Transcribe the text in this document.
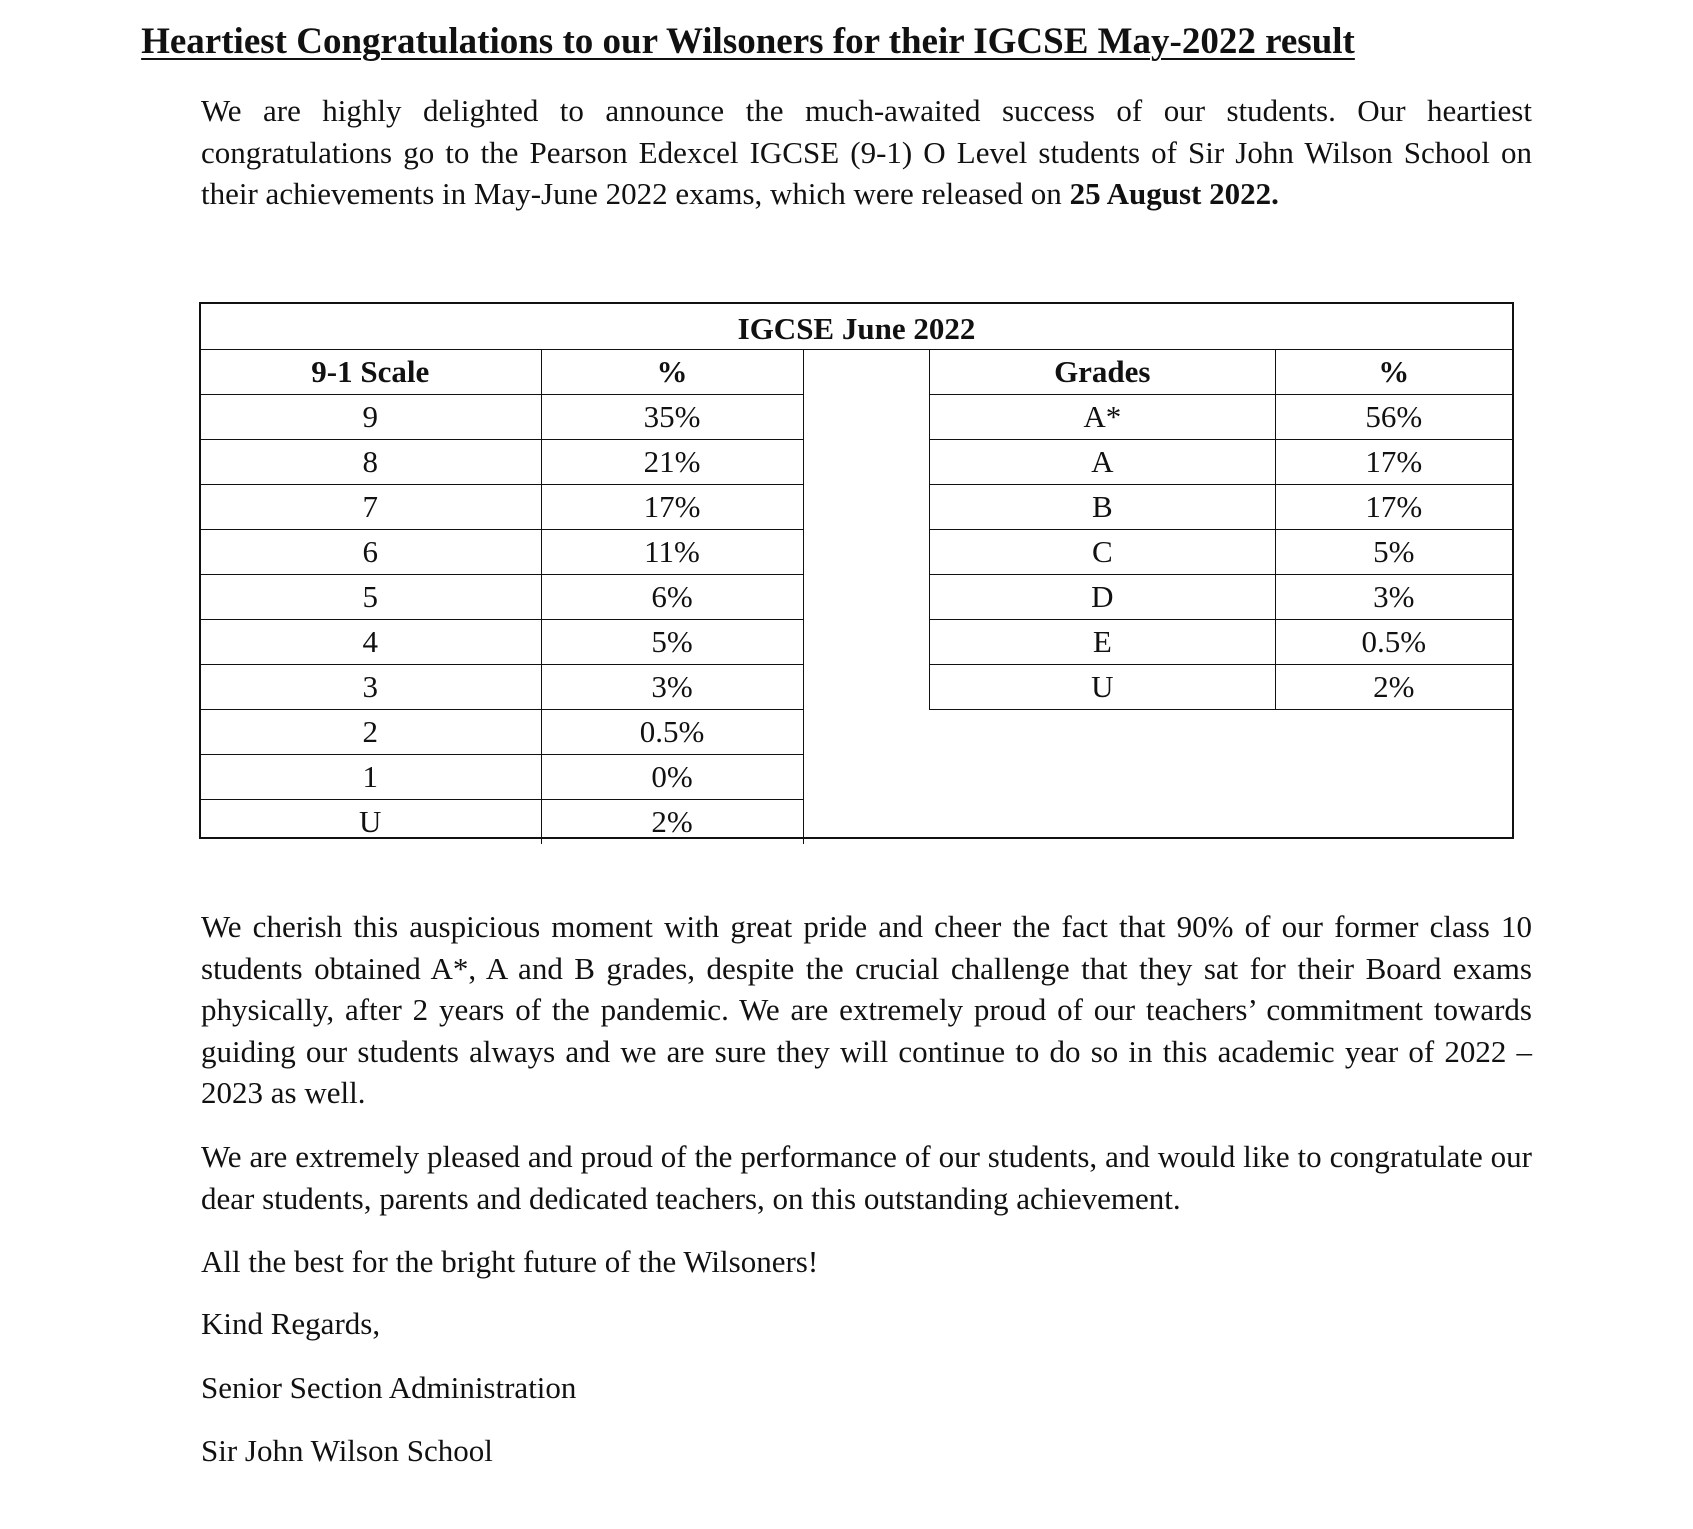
Heartiest Congratulations to our Wilsoners for their IGCSE May-2022 result

We are highly delighted to announce the much-awaited success of our students. Our heartiest congratulations go to the Pearson Edexcel IGCSE (9-1) O Level students of Sir John Wilson School on their achievements in May-June 2022 exams, which were released on 25 August 2022.

IGCSE June 2022
9-1 Scale	%
9	35%
8	21%
7	17%
6	11%
5	6%
4	5%
3	3%
2	0.5%
1	0%
U	2%
Grades	%
A*	56%
A	17%
B	17%
C	5%
D	3%
E	0.5%
U	2%

We cherish this auspicious moment with great pride and cheer the fact that 90% of our former class 10 students obtained A*, A and B grades, despite the crucial challenge that they sat for their Board exams physically, after 2 years of the pandemic. We are extremely proud of our teachers’ commitment towards guiding our students always and we are sure they will continue to do so in this academic year of 2022 – 2023 as well.

We are extremely pleased and proud of the performance of our students, and would like to congratulate our dear students, parents and dedicated teachers, on this outstanding achievement.

All the best for the bright future of the Wilsoners!

Kind Regards,

Senior Section Administration

Sir John Wilson School
